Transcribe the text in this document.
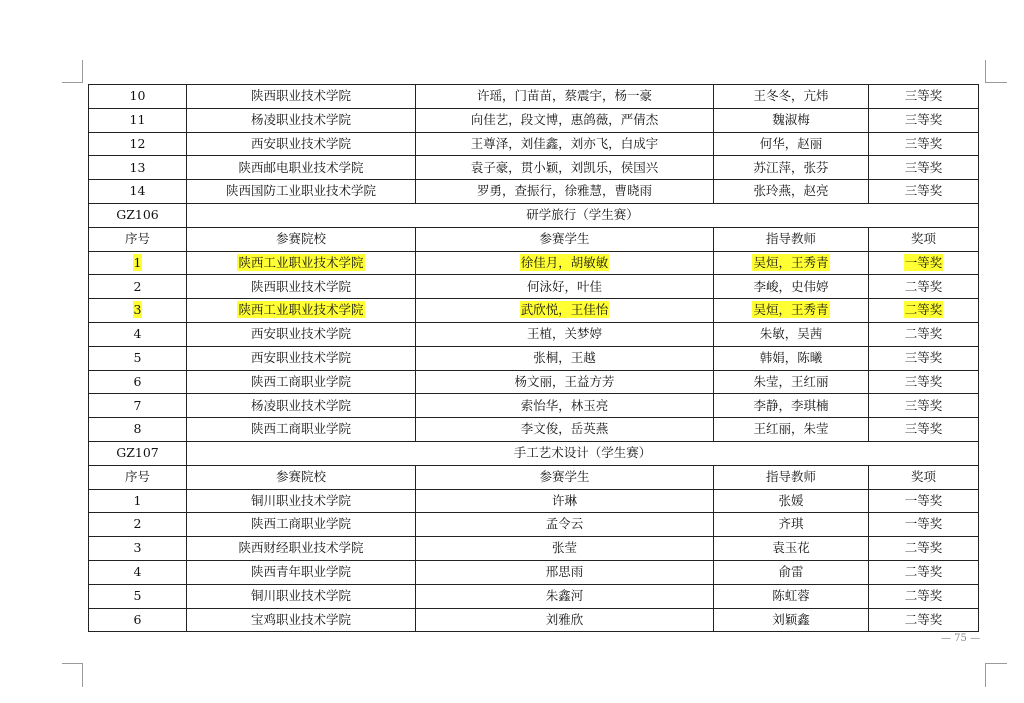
10	陕西职业技术学院	许瑶，门苗苗，蔡震宇，杨一豪	王冬冬，亢炜	三等奖
11	杨凌职业技术学院	向佳艺，段文博，惠鸽薇，严倩杰	魏淑梅	三等奖
12	西安职业技术学院	王尊泽，刘佳鑫，刘亦飞，白成宇	何华，赵丽	三等奖
13	陕西邮电职业技术学院	袁子豪，贯小颖，刘凯乐，侯国兴	苏江萍，张芬	三等奖
14	陕西国防工业职业技术学院	罗勇，查振行，徐雅慧，曹晓雨	张玲燕，赵亮	三等奖
GZ106	研学旅行（学生赛）			
序号	参赛院校	参赛学生	指导教师	奖项
1	陕西工业职业技术学院	徐佳月，胡敏敏	吴烜，王秀青	一等奖
2	陕西职业技术学院	何泳好，叶佳	李峻，史伟婷	二等奖
3	陕西工业职业技术学院	武欣悦，王佳怡	吴烜，王秀青	二等奖
4	西安职业技术学院	王植，关梦婷	朱敏，吴茜	二等奖
5	西安职业技术学院	张桐，王越	韩娟，陈曦	三等奖
6	陕西工商职业学院	杨文丽，王益方芳	朱莹，王红丽	三等奖
7	杨凌职业技术学院	索怡华，林玉亮	李静，李琪楠	三等奖
8	陕西工商职业学院	李文俊，岳英燕	王红丽，朱莹	三等奖
GZ107	手工艺术设计（学生赛）			
序号	参赛院校	参赛学生	指导教师	奖项
1	铜川职业技术学院	许琳	张媛	一等奖
2	陕西工商职业学院	孟令云	齐琪	一等奖
3	陕西财经职业技术学院	张莹	袁玉花	二等奖
4	陕西青年职业学院	邢思雨	俞雷	二等奖
5	铜川职业技术学院	朱鑫河	陈虹蓉	二等奖
6	宝鸡职业技术学院	刘雅欣	刘颖鑫	二等奖
— 75 —
